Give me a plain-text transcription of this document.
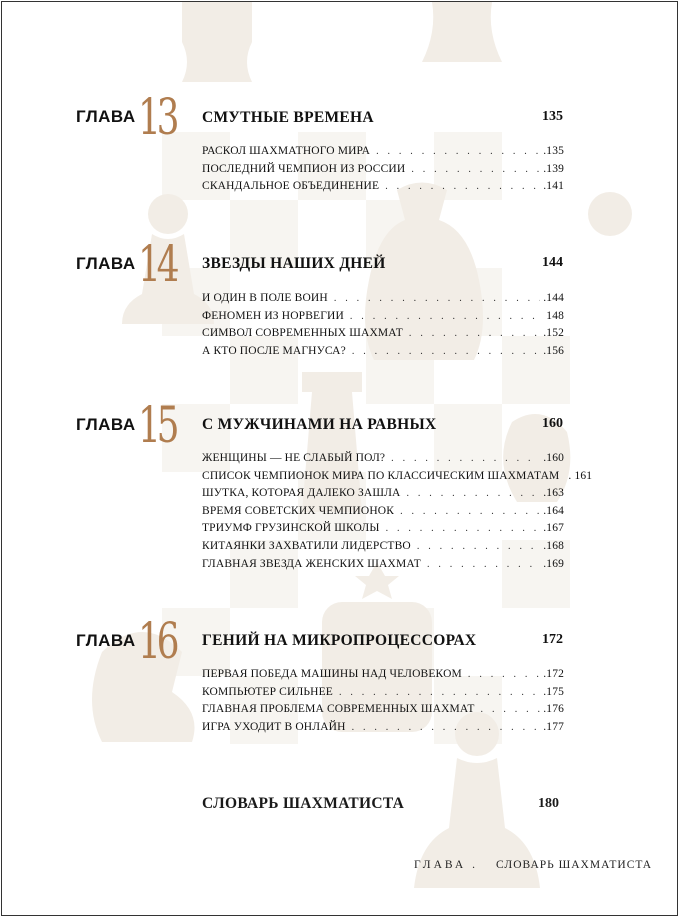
ГЛАВА 13 СМУТНЫЕ ВРЕМЕНА	135
РАСКОЛ ШАХМАТНОГО МИРА . . .	.135
ПОСЛЕДНИЙ ЧЕМПИОН ИЗ РОССИИ . . .	.139
СКАНДАЛЬНОЕ ОБЪЕДИНЕНИЕ . . .	.141
ГЛАВА 14 ЗВЕЗДЫ НАШИХ ДНЕЙ	144
И ОДИН В ПОЛЕ ВОИН . . .	.144
ФЕНОМЕН ИЗ НОРВЕГИИ . . .	148
СИМВОЛ СОВРЕМЕННЫХ ШАХМАТ . . .	.152
А КТО ПОСЛЕ МАГНУСА? . . .	.156
ГЛАВА 15 С МУЖЧИНАМИ НА РАВНЫХ	160
ЖЕНЩИНЫ — НЕ СЛАБЫЙ ПОЛ? . . .	.160
СПИСОК ЧЕМПИОНОК МИРА ПО КЛАССИЧЕСКИМ ШАХМАТАМ . 161
ШУТКА, КОТОРАЯ ДАЛЕКО ЗАШЛА . . .	.163
ВРЕМЯ СОВЕТСКИХ ЧЕМПИОНОК . . .	.164
ТРИУМФ ГРУЗИНСКОЙ ШКОЛЫ . . .	.167
КИТАЯНКИ ЗАХВАТИЛИ ЛИДЕРСТВО . . .	.168
ГЛАВНАЯ ЗВЕЗДА ЖЕНСКИХ ШАХМАТ . . .	.169
ГЛАВА 16 ГЕНИЙ НА МИКРОПРОЦЕССОРАХ	172
ПЕРВАЯ ПОБЕДА МАШИНЫ НАД ЧЕЛОВЕКОМ . . .	.172
КОМПЬЮТЕР СИЛЬНЕЕ . . .	.175
ГЛАВНАЯ ПРОБЛЕМА СОВРЕМЕННЫХ ШАХМАТ . . .	.176
ИГРА УХОДИТ В ОНЛАЙН . . .	.177
СЛОВАРЬ ШАХМАТИСТА	180
ГЛАВА . СЛОВАРЬ ШАХМАТИСТА
